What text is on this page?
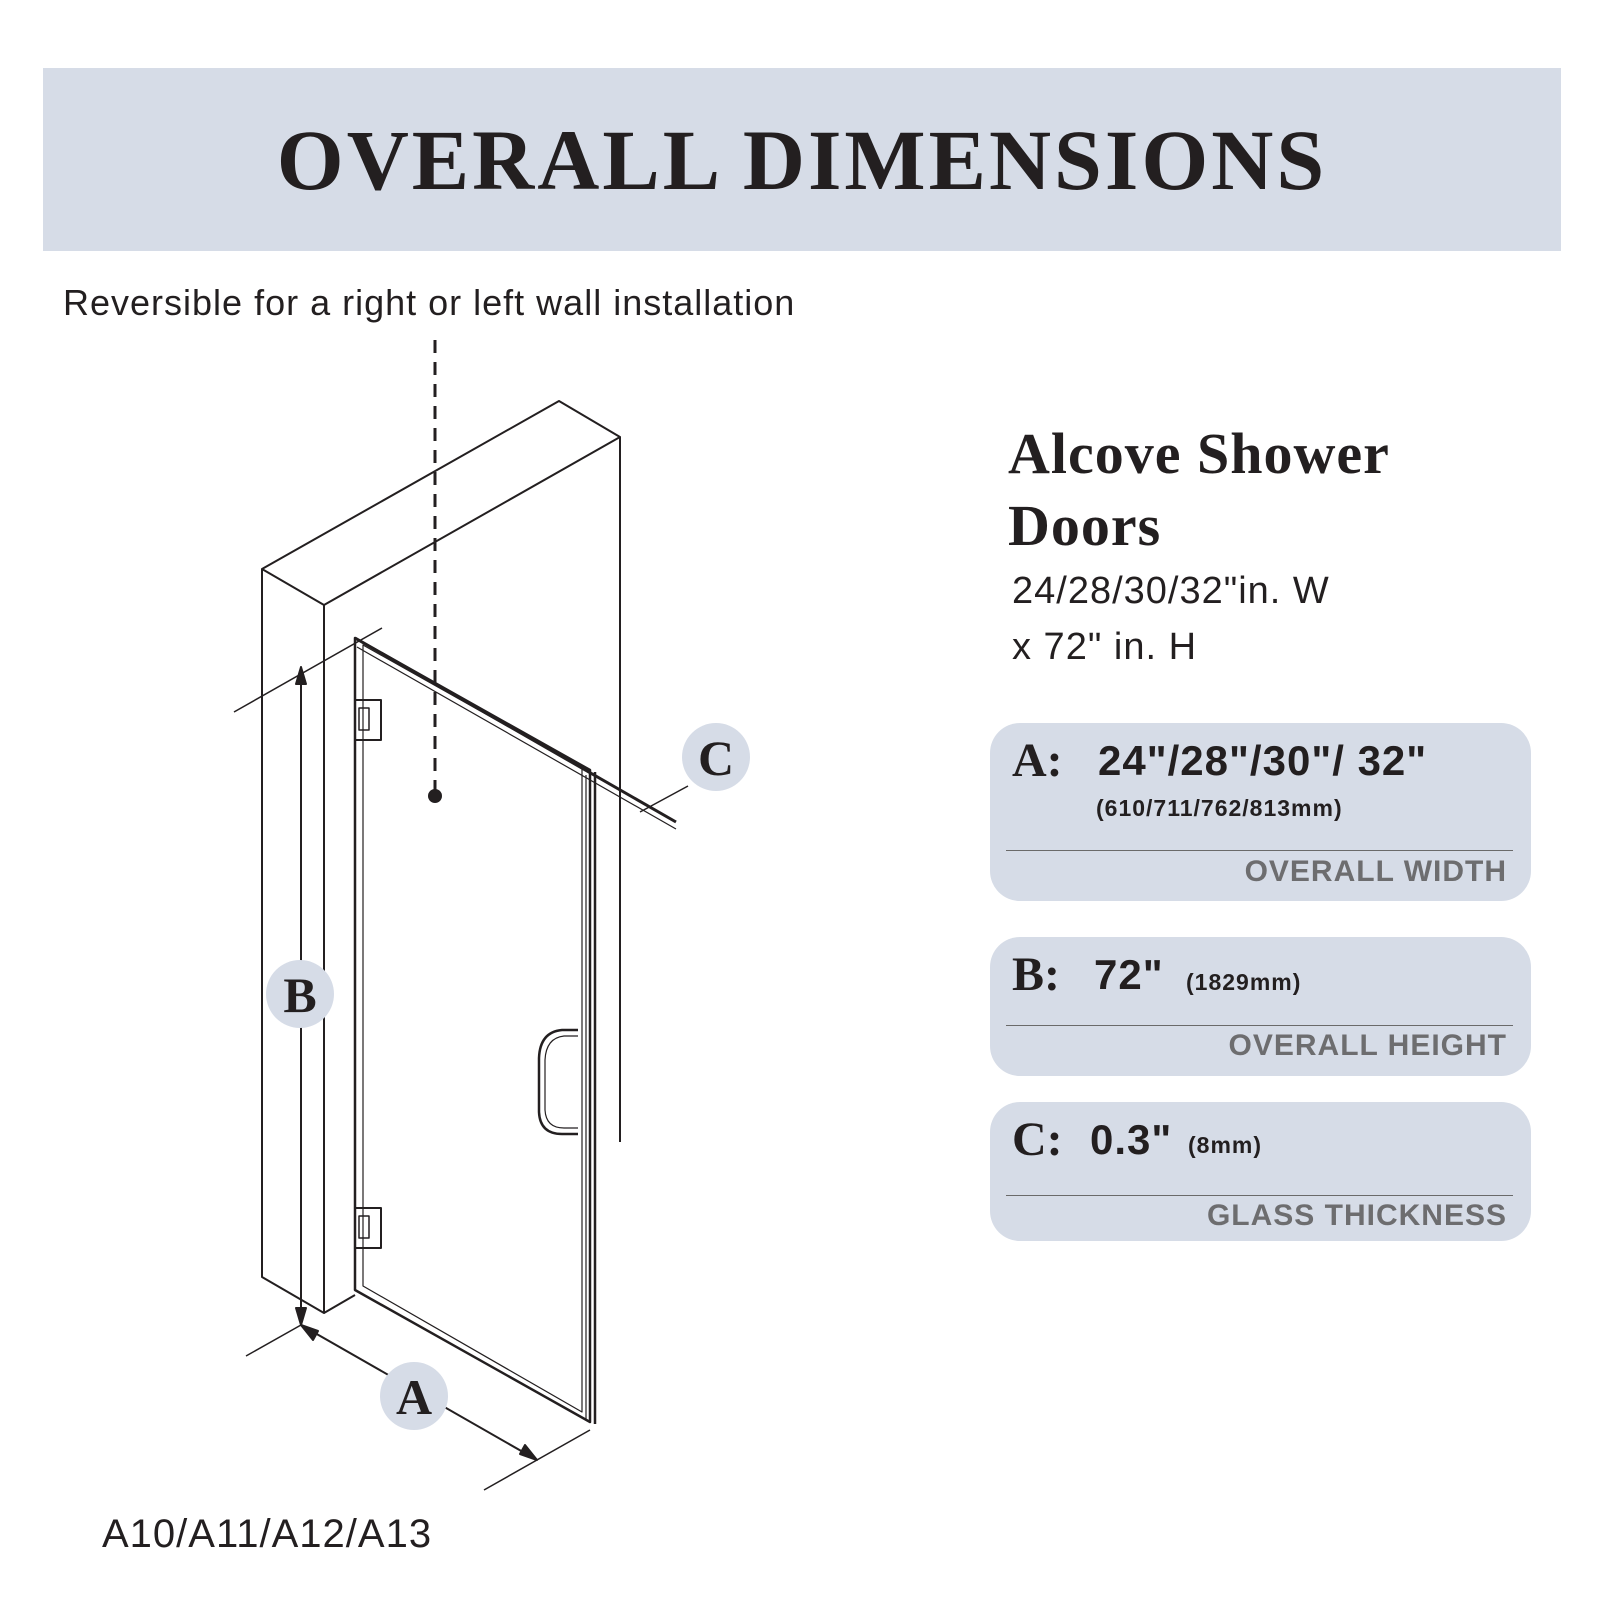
OVERALL DIMENSIONS
Reversible for a right or left wall installation
C
B
A
Alcove Shower
Doors
24/28/30/32"in. W
x 72" in. H
A: 24"/28"/30"/ 32"
(610/711/762/813mm)
OVERALL WIDTH
B: 72" (1829mm)
OVERALL HEIGHT
C: 0.3" (8mm)
GLASS THICKNESS
A10/A11/A12/A13
